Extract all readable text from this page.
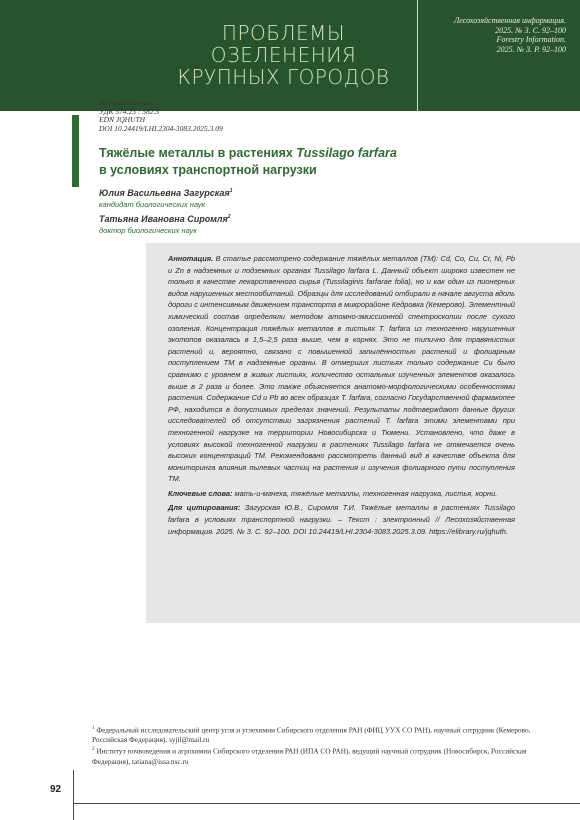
ПРОБЛЕМЫ ОЗЕЛЕНЕНИЯ
КРУПНЫХ ГОРОДОВ
Лесохозяйственная информация.
2025. № 3. С. 92–100
Forestry Information.
2025. № 3. P. 92–100
Научная статья
УДК 574.23 : 582.5
EDN JQHUTH
DOI 10.24419/LHI.2304-3083.2025.3.09
Тяжёлые металлы в растениях Tussilago farfara
в условиях транспортной нагрузки
Юлия Васильевна Загурская$^1$
кандидат биологических наук
Татьяна Ивановна Сиромля$^2$
доктор биологических наук

Аннотация. В статье рассмотрено содержание тяжёлых металлов (ТМ): Cd, Co, Cu, Cr, Ni, Pb и Zn в надземных и подземных органах Tussilago farfara L. Данный объект широко известен не только в качестве лекарственного сырья (Tussilaginis farfarae folia), но и как один из пионерных видов нарушенных местообитаний. Образцы для исследований отбирали в начале августа вдоль дороги с интенсивным движением транспорта в микрорайоне Кедровка (Кемерово). Элементный химический состав определяли методом атомно-эмиссионной спектроскопии после сухого озоления. Концентрация тяжёлых металлов в листьях T. farfara из техногенно нарушенных экотопов оказалась в 1,5–2,5 раза выше, чем в корнях. Это не типично для травянистых растений и, вероятно, связано с повышенной запылённостью растений и фолиарным поступлением ТМ в надземные органы. В отмерших листьях только содержание Cu было сравнимо с уровнем в живых листьях, количество остальных изученных элементов оказалось выше в 2 раза и более. Это также объясняется анатомо-морфологическими особенностями растения. Содержание Cd и Pb во всех образцах T. farfara, согласно Государственной фармакопее РФ, находится в допустимых пределах значений. Результаты подтверждают данные других исследователей об отсутствии загрязнения растений T. farfara этими элементами при техногенной нагрузке на территории Новосибирска и Тюмени. Установлено, что даже в условиях высокой техногенной нагрузки в растениях Tussilago farfara не отмечается очень высоких концентраций ТМ. Рекомендовано рассмотреть данный вид в качестве объекта для мониторинга влияния пылевых частиц на растения и изучения фолиарного пути поступления ТМ.

Ключевые слова: мать-и-мачеха, тяжёлые металлы, техногенная нагрузка, листья, корни.

Для цитирования: Загурская Ю.В., Сиромля Т.И. Тяжёлые металлы в растениях Tussilago farfara в условиях транспортной нагрузки. – Текст : электронный // Лесохозяйственная информация. 2025. № 3. С. 92–100. DOI 10.24419/LHI.2304-3083.2025.3.09. https://elibrary.ru/jqhuth.

$^1$ Федеральный исследовательский центр угля и углехимии Сибирского отделения РАН (ФИЦ УУХ СО РАН), научный сотрудник (Кемерово, Российская Федерация), syjil@mail.ru

$^2$ Институт почвоведения и агрохимии Сибирского отделения РАН (ИПА СО РАН), ведущий научный сотрудник (Новосибирск, Российская Федерация), tatiana@issa.nsc.ru

92
